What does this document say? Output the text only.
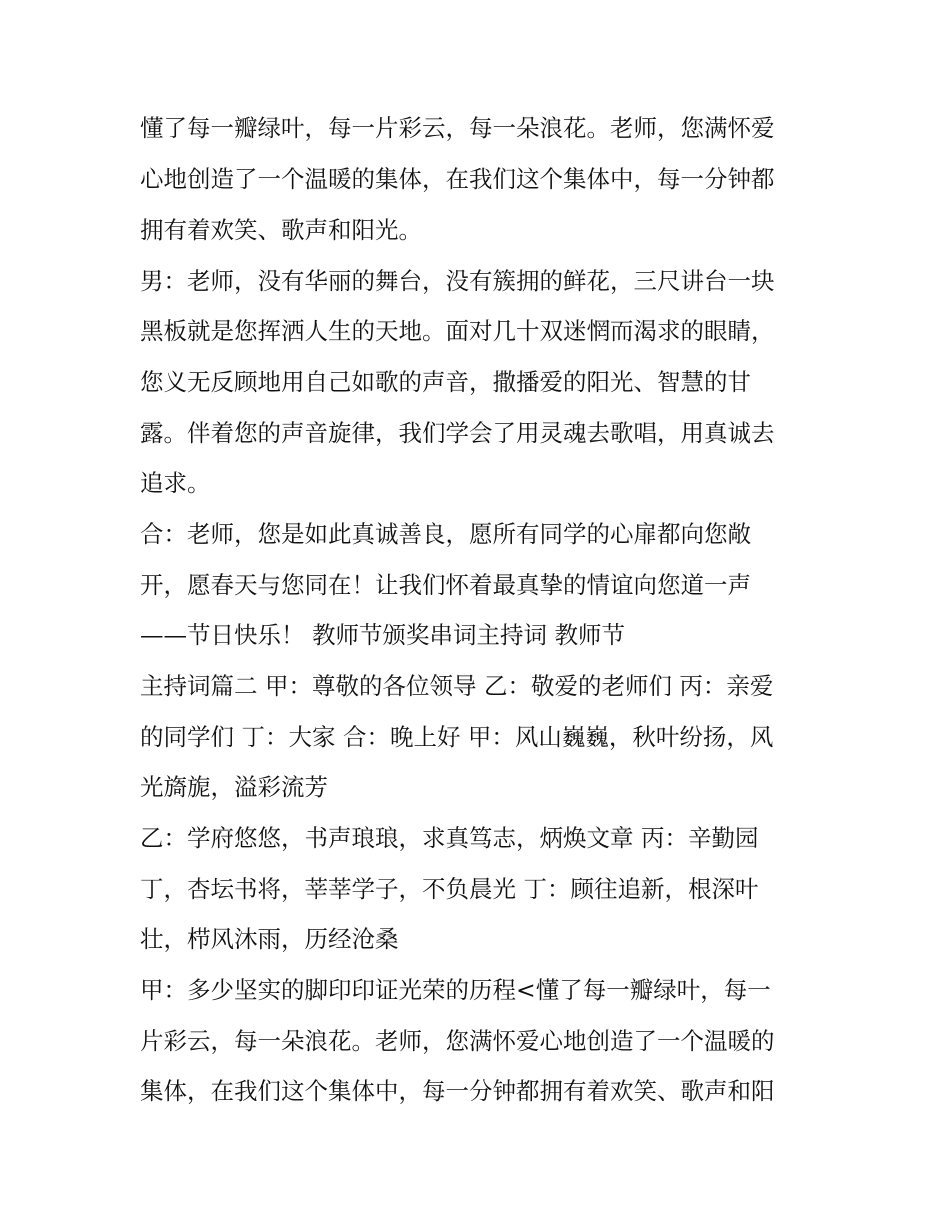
懂了每一瓣绿叶，每一片彩云，每一朵浪花。老师，您满怀爱
心地创造了一个温暖的集体，在我们这个集体中，每一分钟都
拥有着欢笑、歌声和阳光。
男：老师，没有华丽的舞台，没有簇拥的鲜花，三尺讲台一块
黑板就是您挥洒人生的天地。面对几十双迷惘而渴求的眼睛，
您义无反顾地用自己如歌的声音，撒播爱的阳光、智慧的甘
露。伴着您的声音旋律，我们学会了用灵魂去歌唱，用真诚去
追求。
合：老师，您是如此真诚善良，愿所有同学的心扉都向您敞
开，愿春天与您同在！让我们怀着最真挚的情谊向您道一声
——节日快乐！ 教师节颁奖串词主持词 教师节
主持词篇二 甲：尊敬的各位领导 乙：敬爱的老师们 丙：亲爱
的同学们 丁：大家 合：晚上好 甲：风山巍巍，秋叶纷扬，风
光旖旎，溢彩流芳
乙：学府悠悠，书声琅琅，求真笃志，炳焕文章 丙：辛勤园
丁，杏坛书将，莘莘学子，不负晨光 丁：顾往追新，根深叶
壮，栉风沐雨，历经沧桑
甲：多少坚实的脚印印证光荣的历程<懂了每一瓣绿叶，每一
片彩云，每一朵浪花。老师，您满怀爱心地创造了一个温暖的
集体，在我们这个集体中，每一分钟都拥有着欢笑、歌声和阳
